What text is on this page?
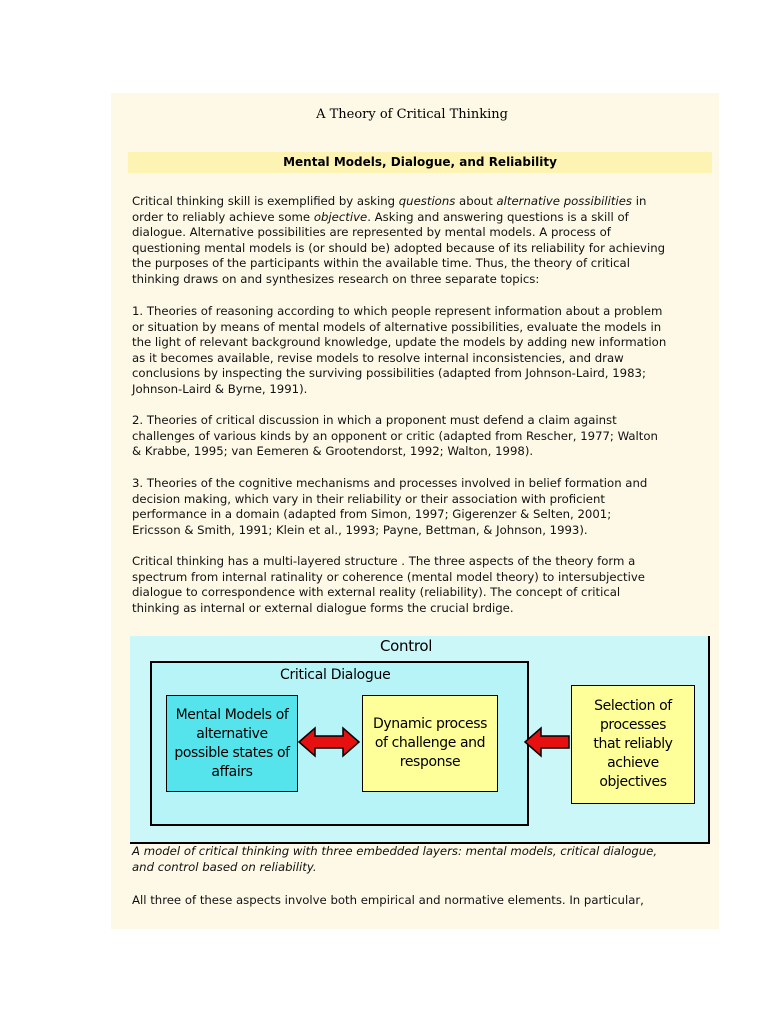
A Theory of Critical Thinking
Mental Models, Dialogue, and Reliability

Critical thinking skill is exemplified by asking questions about alternative possibilities in
order to reliably achieve some objective. Asking and answering questions is a skill of
dialogue. Alternative possibilities are represented by mental models. A process of
questioning mental models is (or should be) adopted because of its reliability for achieving
the purposes of the participants within the available time. Thus, the theory of critical
thinking draws on and synthesizes research on three separate topics:

1. Theories of reasoning according to which people represent information about a problem
or situation by means of mental models of alternative possibilities, evaluate the models in
the light of relevant background knowledge, update the models by adding new information
as it becomes available, revise models to resolve internal inconsistencies, and draw
conclusions by inspecting the surviving possibilities (adapted from Johnson-Laird, 1983;
Johnson-Laird & Byrne, 1991).

2. Theories of critical discussion in which a proponent must defend a claim against
challenges of various kinds by an opponent or critic (adapted from Rescher, 1977; Walton
& Krabbe, 1995; van Eemeren & Grootendorst, 1992; Walton, 1998).

3. Theories of the cognitive mechanisms and processes involved in belief formation and
decision making, which vary in their reliability or their association with proficient
performance in a domain (adapted from Simon, 1997; Gigerenzer & Selten, 2001;
Ericsson & Smith, 1991; Klein et al., 1993; Payne, Bettman, & Johnson, 1993).

Critical thinking has a multi-layered structure . The three aspects of the theory form a
spectrum from internal ratinality or coherence (mental model theory) to intersubjective
dialogue to correspondence with external reality (reliability). The concept of critical
thinking as internal or external dialogue forms the crucial brdige.

Control
Critical Dialogue
Mental Models of
alternative
possible states of
affairs
Dynamic process
of challenge and
response
Selection of
processes
that reliably
achieve
objectives
A model of critical thinking with three embedded layers: mental models, critical dialogue,
and control based on reliability.

All three of these aspects involve both empirical and normative elements. In particular,
